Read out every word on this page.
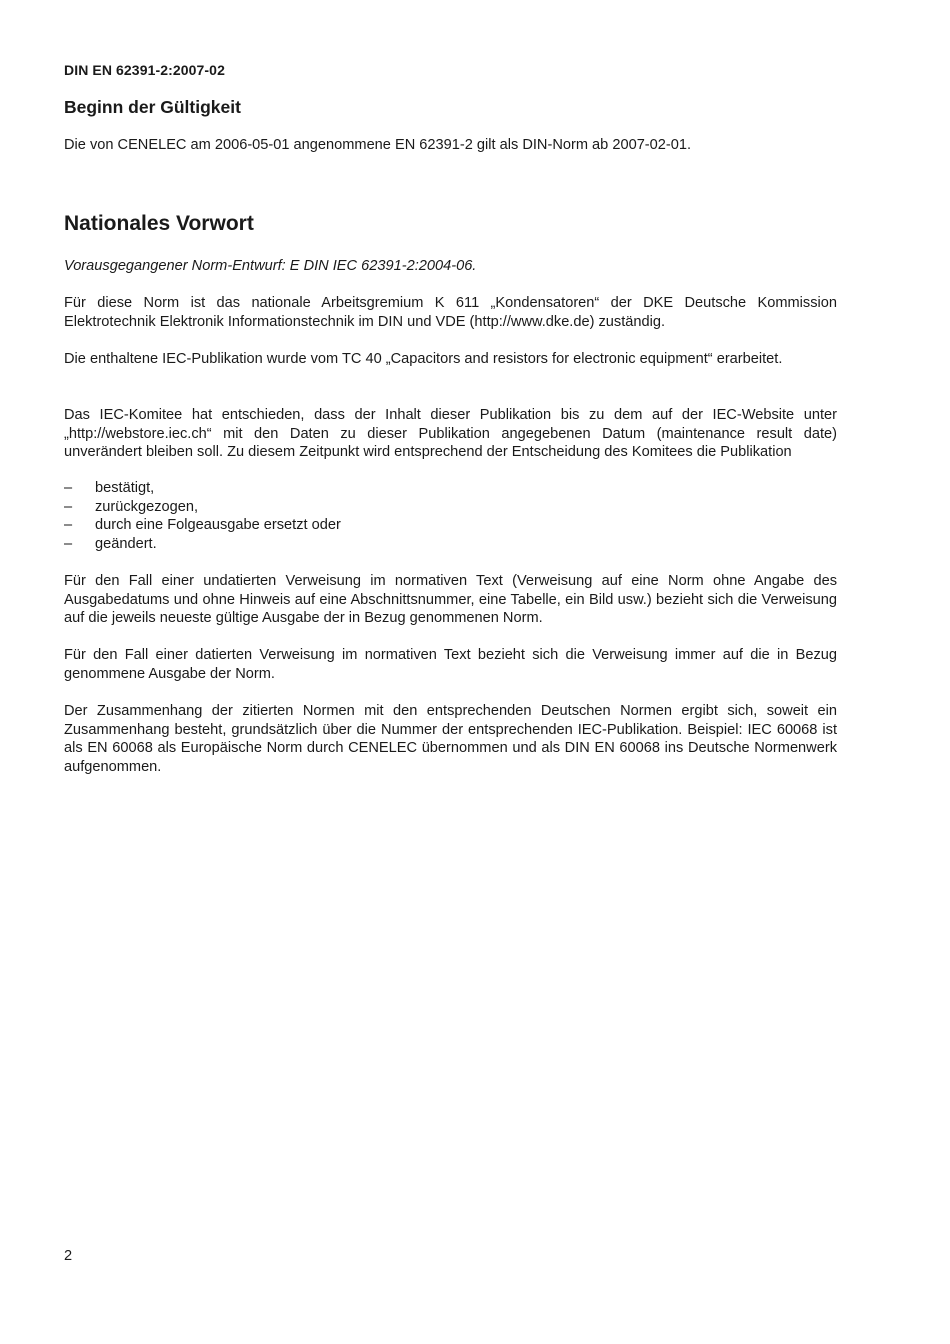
DIN EN 62391-2:2007-02
Beginn der Gültigkeit

Die von CENELEC am 2006-05-01 angenommene EN 62391-2 gilt als DIN-Norm ab 2007-02-01.

Nationales Vorwort

Vorausgegangener Norm-Entwurf: E DIN IEC 62391-2:2004-06.

Für diese Norm ist das nationale Arbeitsgremium K 611 „Kondensatoren“ der DKE Deutsche Kommission Elektrotechnik Elektronik Informationstechnik im DIN und VDE (http://www.dke.de) zuständig.

Die enthaltene IEC-Publikation wurde vom TC 40 „Capacitors and resistors for electronic equipment“ erarbeitet.

Das IEC-Komitee hat entschieden, dass der Inhalt dieser Publikation bis zu dem auf der IEC-Website unter „http://webstore.iec.ch“ mit den Daten zu dieser Publikation angegebenen Datum (maintenance result date) unverändert bleiben soll. Zu diesem Zeitpunkt wird entsprechend der Entscheidung des Komitees die Publikation

– bestätigt,
– zurückgezogen,
– durch eine Folgeausgabe ersetzt oder
– geändert.

Für den Fall einer undatierten Verweisung im normativen Text (Verweisung auf eine Norm ohne Angabe des Ausgabedatums und ohne Hinweis auf eine Abschnittsnummer, eine Tabelle, ein Bild usw.) bezieht sich die Verweisung auf die jeweils neueste gültige Ausgabe der in Bezug genommenen Norm.

Für den Fall einer datierten Verweisung im normativen Text bezieht sich die Verweisung immer auf die in Bezug genommene Ausgabe der Norm.

Der Zusammenhang der zitierten Normen mit den entsprechenden Deutschen Normen ergibt sich, soweit ein Zusammenhang besteht, grundsätzlich über die Nummer der entsprechenden IEC-Publikation. Beispiel: IEC 60068 ist als EN 60068 als Europäische Norm durch CENELEC übernommen und als DIN EN 60068 ins Deutsche Normenwerk aufgenommen.

2
